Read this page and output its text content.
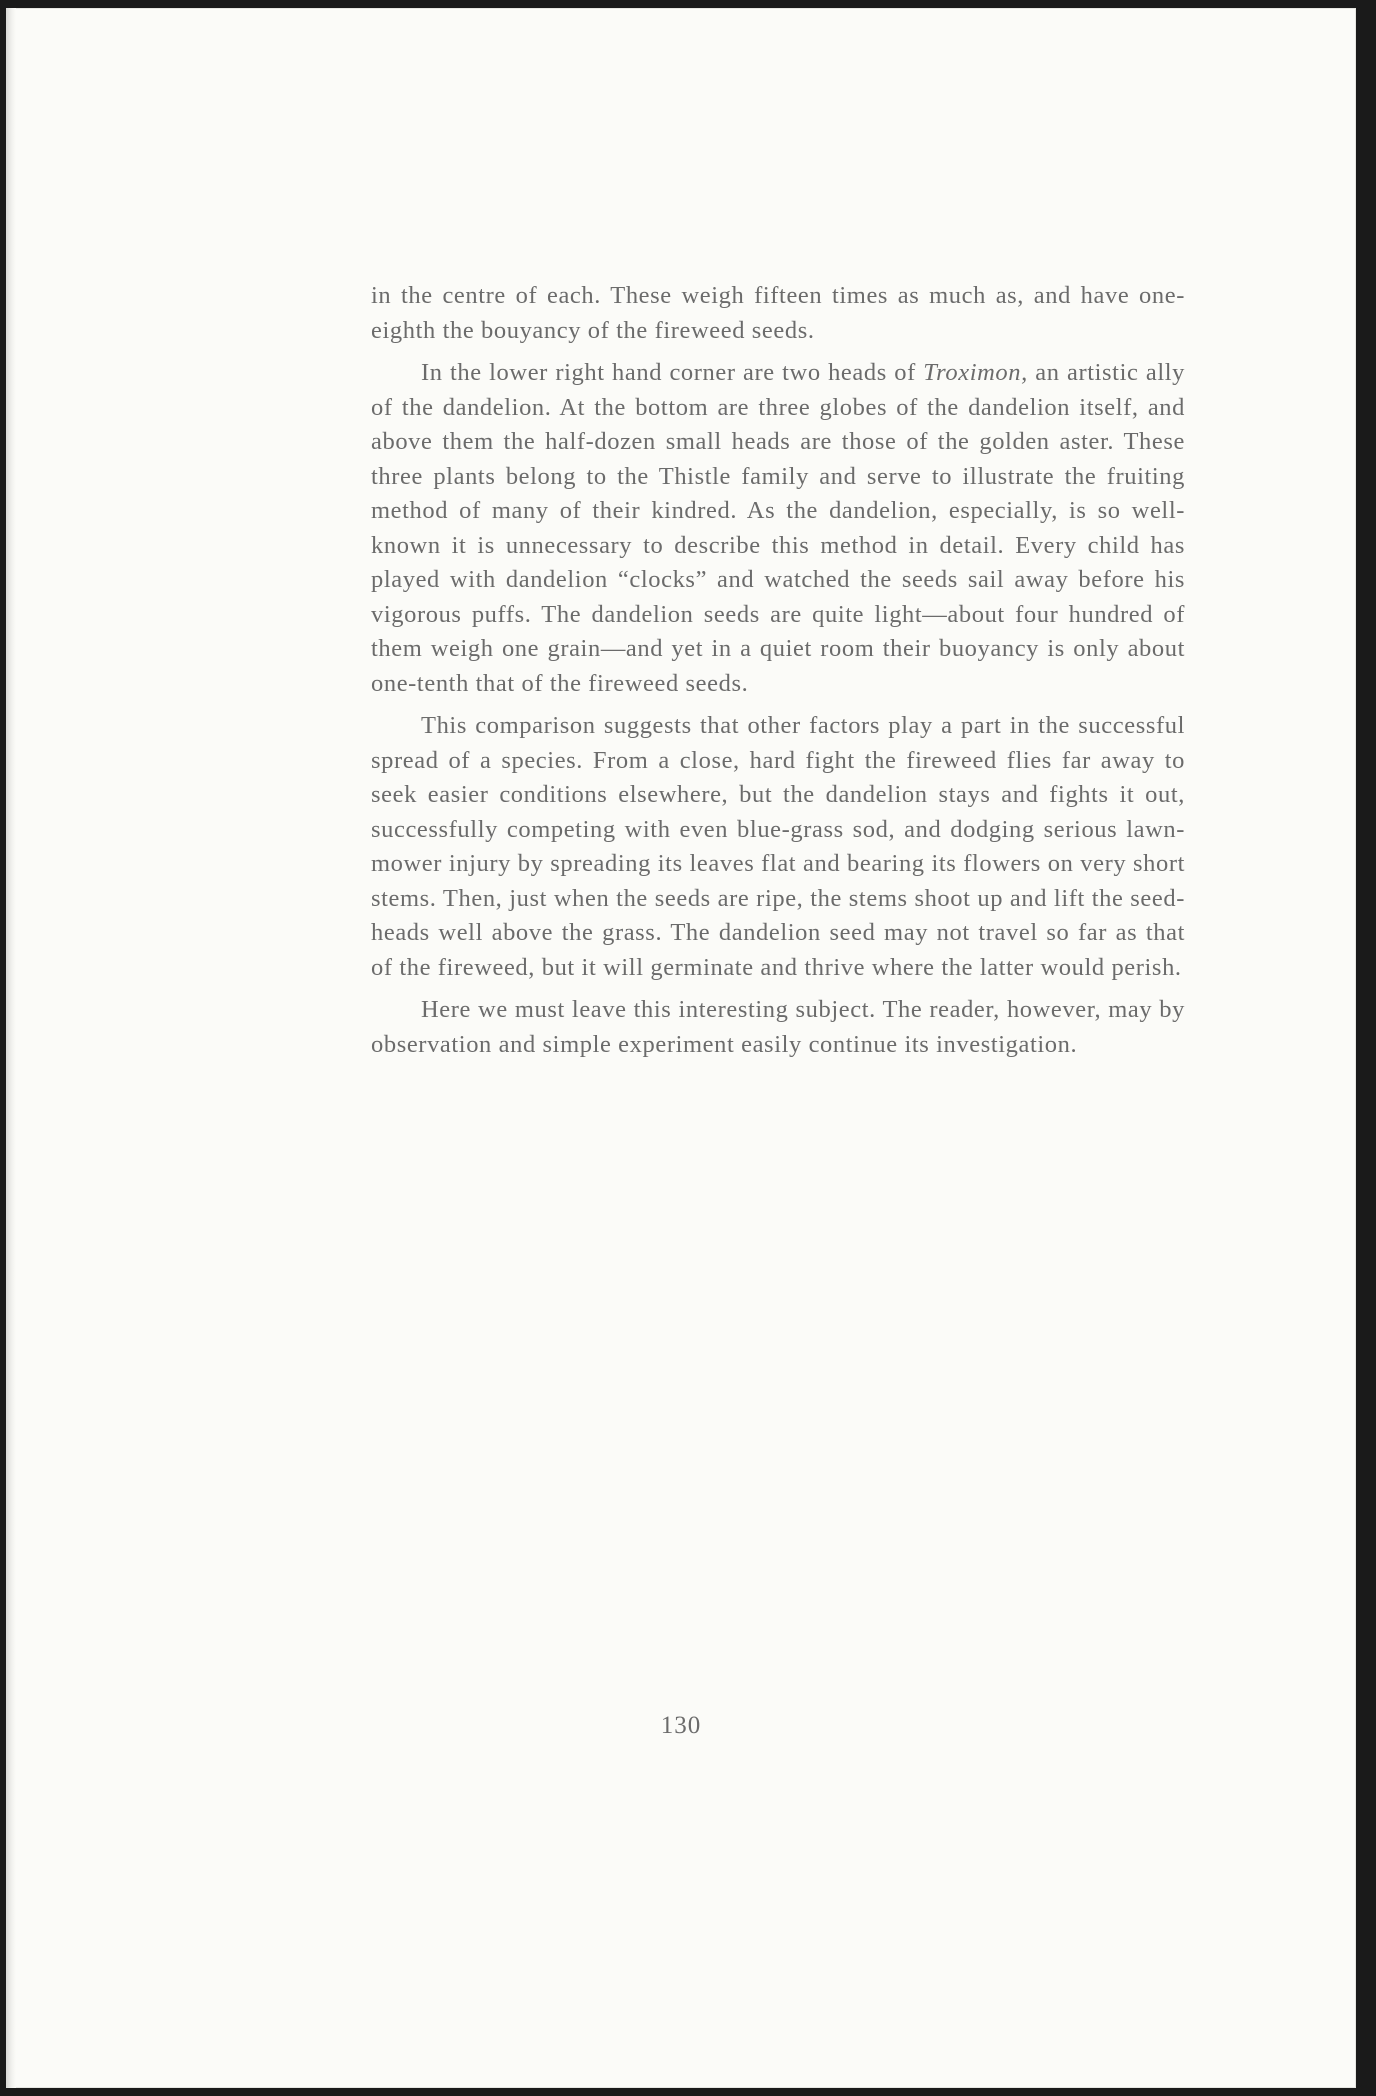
in the centre of each. These weigh fifteen times as much as, and have one-eighth the bouyancy of the fireweed seeds.

In the lower right hand corner are two heads of Troximon, an artistic ally of the dandelion. At the bottom are three globes of the dandelion itself, and above them the half-dozen small heads are those of the golden aster. These three plants belong to the Thistle family and serve to illustrate the fruiting method of many of their kindred. As the dandelion, especially, is so well-known it is unnecessary to describe this method in detail. Every child has played with dandelion “clocks” and watched the seeds sail away before his vigorous puffs. The dandelion seeds are quite light—about four hundred of them weigh one grain—and yet in a quiet room their buoyancy is only about one-tenth that of the fireweed seeds.

This comparison suggests that other factors play a part in the successful spread of a species. From a close, hard fight the fireweed flies far away to seek easier conditions elsewhere, but the dandelion stays and fights it out, successfully competing with even blue-grass sod, and dodging serious lawn-mower injury by spreading its leaves flat and bearing its flowers on very short stems. Then, just when the seeds are ripe, the stems shoot up and lift the seed-heads well above the grass. The dandelion seed may not travel so far as that of the fireweed, but it will germinate and thrive where the latter would perish.

Here we must leave this interesting subject. The reader, however, may by observation and simple experiment easily continue its investigation.

130
